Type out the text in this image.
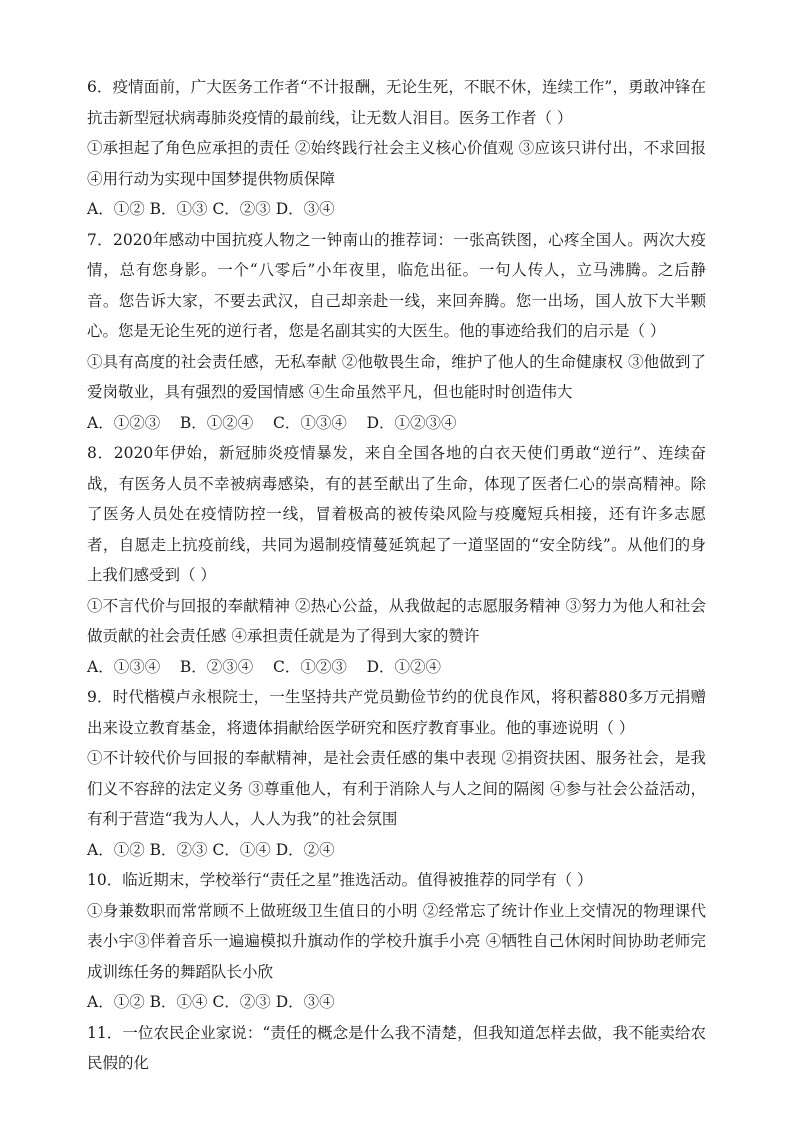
6．疫情面前，广大医务工作者“不计报酬，无论生死，不眠不休，连续工作”，勇敢冲锋在抗击新型冠状病毒肺炎疫情的最前线，让无数人泪目。医务工作者（ ）

①承担起了角色应承担的责任 ②始终践行社会主义核心价值观 ③应该只讲付出，不求回报 ④用行动为实现中国梦提供物质保障

A．①② B．①③ C．②③ D．③④

7．2020年感动中国抗疫人物之一钟南山的推荐词：一张高铁图，心疼全国人。两次大疫情，总有您身影。一个“八零后”小年夜里，临危出征。一句人传人，立马沸腾。之后静音。您告诉大家，不要去武汉，自己却亲赴一线，来回奔腾。您一出场，国人放下大半颗心。您是无论生死的逆行者，您是名副其实的大医生。他的事迹给我们的启示是（ ）

①具有高度的社会责任感，无私奉献 ②他敬畏生命，维护了他人的生命健康权 ③他做到了爱岗敬业，具有强烈的爱国情感 ④生命虽然平凡，但也能时时创造伟大

A．①②③    B．①②④    C．①③④    D．①②③④

8．2020年伊始，新冠肺炎疫情暴发，来自全国各地的白衣天使们勇敢“逆行”、连续奋战，有医务人员不幸被病毒感染，有的甚至献出了生命，体现了医者仁心的崇高精神。除了医务人员处在疫情防控一线，冒着极高的被传染风险与疫魔短兵相接，还有许多志愿者，自愿走上抗疫前线，共同为遏制疫情蔓延筑起了一道坚固的“安全防线”。从他们的身上我们感受到（ ）

①不言代价与回报的奉献精神 ②热心公益，从我做起的志愿服务精神 ③努力为他人和社会做贡献的社会责任感 ④承担责任就是为了得到大家的赞许

A．①③④    B．②③④    C．①②③    D．①②④

9．时代楷模卢永根院士，一生坚持共产党员勤俭节约的优良作风，将积蓄880多万元捐赠出来设立教育基金，将遗体捐献给医学研究和医疗教育事业。他的事迹说明（ ）

①不计较代价与回报的奉献精神，是社会责任感的集中表现 ②捐资扶困、服务社会，是我们义不容辞的法定义务 ③尊重他人，有利于消除人与人之间的隔阂 ④参与社会公益活动，有利于营造“我为人人，人人为我”的社会氛围

A．①② B．②③ C．①④ D．②④

10．临近期末，学校举行“责任之星”推选活动。值得被推荐的同学有（ ）

①身兼数职而常常顾不上做班级卫生值日的小明 ②经常忘了统计作业上交情况的物理课代表小宇③伴着音乐一遍遍模拟升旗动作的学校升旗手小亮 ④牺牲自己休闲时间协助老师完成训练任务的舞蹈队长小欣

A．①② B．①④ C．②③ D．③④

11．一位农民企业家说：“责任的概念是什么我不清楚，但我知道怎样去做，我不能卖给农民假的化
